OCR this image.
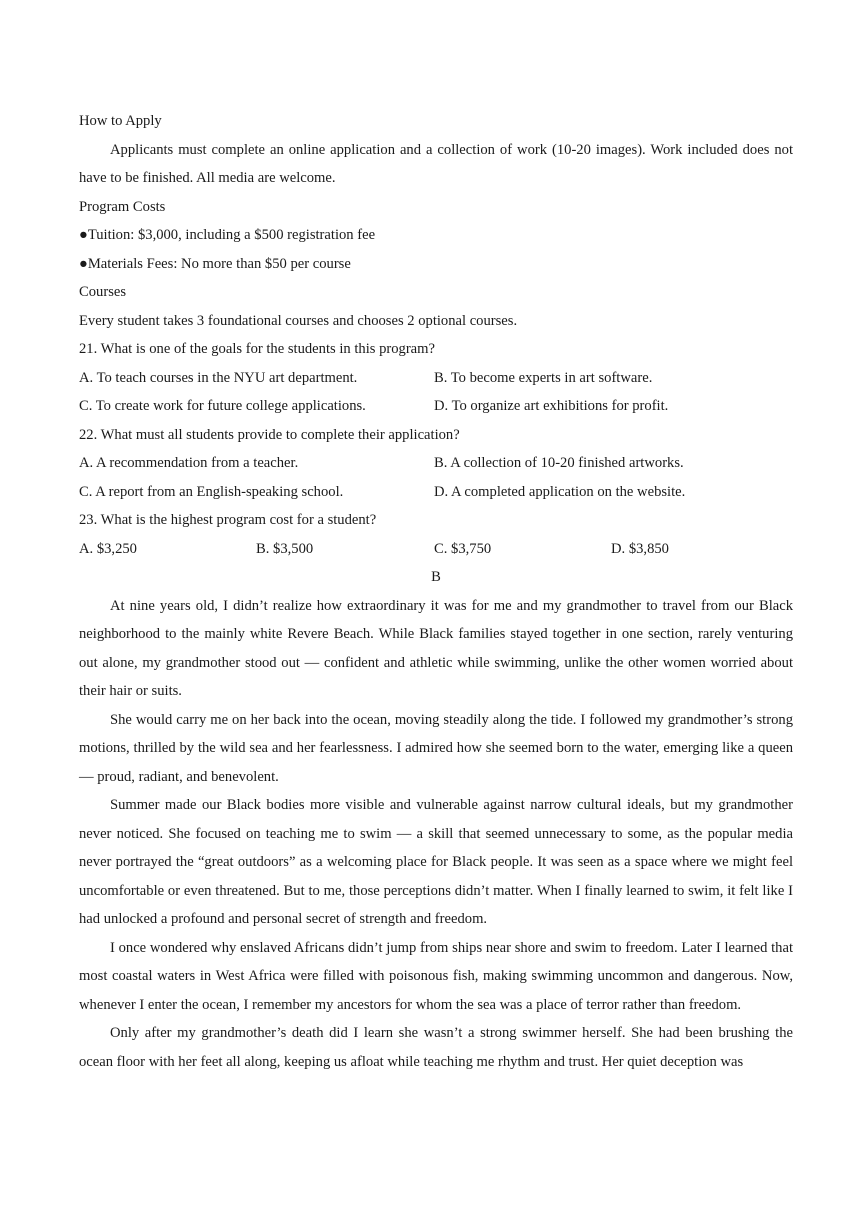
How to Apply

Applicants must complete an online application and a collection of work (10-20 images). Work included does not have to be finished. All media are welcome.

Program Costs
●Tuition: $3,000, including a $500 registration fee
●Materials Fees: No more than $50 per course
Courses
Every student takes 3 foundational courses and chooses 2 optional courses.
21. What is one of the goals for the students in this program?
A. To teach courses in the NYU art department.	B. To become experts in art software.
C. To create work for future college applications.	D. To organize art exhibitions for profit.
22. What must all students provide to complete their application?
A. A recommendation from a teacher.	B. A collection of 10-20 finished artworks.
C. A report from an English-speaking school.	D. A completed application on the website.
23. What is the highest program cost for a student?
A. $3,250	B. $3,500	C. $3,750	D. $3,850
B

At nine years old, I didn’t realize how extraordinary it was for me and my grandmother to travel from our Black neighborhood to the mainly white Revere Beach. While Black families stayed together in one section, rarely venturing out alone, my grandmother stood out — confident and athletic while swimming, unlike the other women worried about their hair or suits.

She would carry me on her back into the ocean, moving steadily along the tide. I followed my grandmother’s strong motions, thrilled by the wild sea and her fearlessness. I admired how she seemed born to the water, emerging like a queen — proud, radiant, and benevolent.

Summer made our Black bodies more visible and vulnerable against narrow cultural ideals, but my grandmother never noticed. She focused on teaching me to swim — a skill that seemed unnecessary to some, as the popular media never portrayed the “great outdoors” as a welcoming place for Black people. It was seen as a space where we might feel uncomfortable or even threatened. But to me, those perceptions didn’t matter. When I finally learned to swim, it felt like I had unlocked a profound and personal secret of strength and freedom.

I once wondered why enslaved Africans didn’t jump from ships near shore and swim to freedom. Later I learned that most coastal waters in West Africa were filled with poisonous fish, making swimming uncommon and dangerous. Now, whenever I enter the ocean, I remember my ancestors for whom the sea was a place of terror rather than freedom.

Only after my grandmother’s death did I learn she wasn’t a strong swimmer herself. She had been brushing the ocean floor with her feet all along, keeping us afloat while teaching me rhythm and trust. Her quiet deception was
